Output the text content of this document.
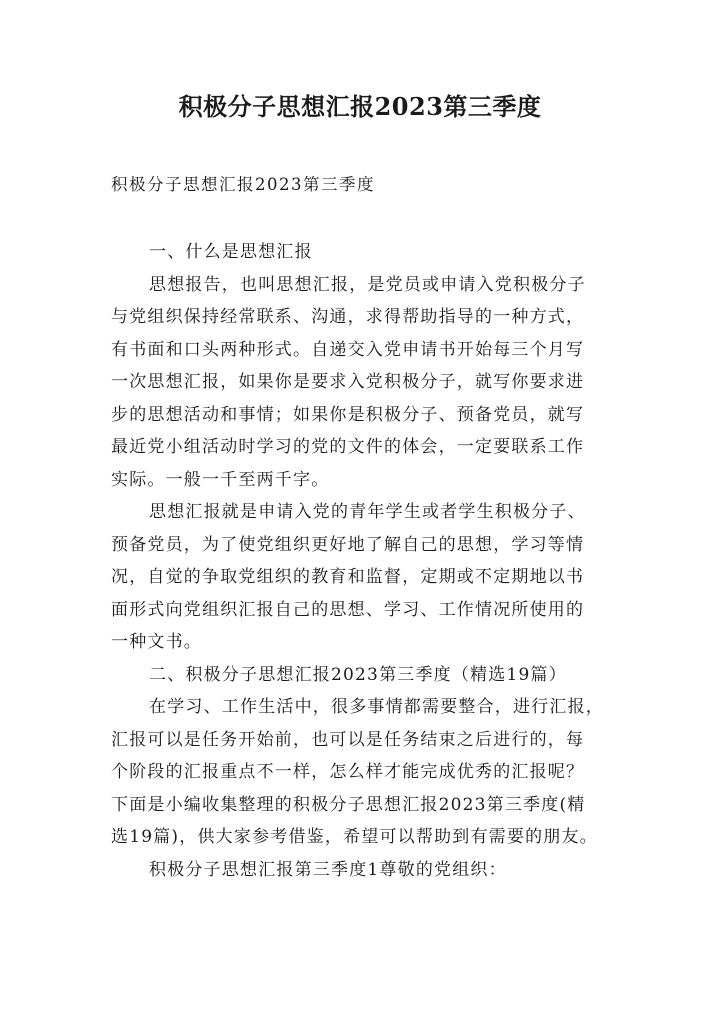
积极分子思想汇报2023第三季度
积极分子思想汇报2023第三季度
一、什么是思想汇报
思想报告，也叫思想汇报，是党员或申请入党积极分子
与党组织保持经常联系、沟通，求得帮助指导的一种方式，
有书面和口头两种形式。自递交入党申请书开始每三个月写
一次思想汇报，如果你是要求入党积极分子，就写你要求进
步的思想活动和事情；如果你是积极分子、预备党员，就写
最近党小组活动时学习的党的文件的体会，一定要联系工作
实际。一般一千至两千字。
思想汇报就是申请入党的青年学生或者学生积极分子、
预备党员，为了使党组织更好地了解自己的思想，学习等情
况，自觉的争取党组织的教育和监督，定期或不定期地以书
面形式向党组织汇报自己的思想、学习、工作情况所使用的
一种文书。
二、积极分子思想汇报2023第三季度（精选19篇）
在学习、工作生活中，很多事情都需要整合，进行汇报，
汇报可以是任务开始前，也可以是任务结束之后进行的，每
个阶段的汇报重点不一样，怎么样才能完成优秀的汇报呢？
下面是小编收集整理的积极分子思想汇报2023第三季度(精
选19篇)，供大家参考借鉴，希望可以帮助到有需要的朋友。
积极分子思想汇报第三季度1尊敬的党组织：
